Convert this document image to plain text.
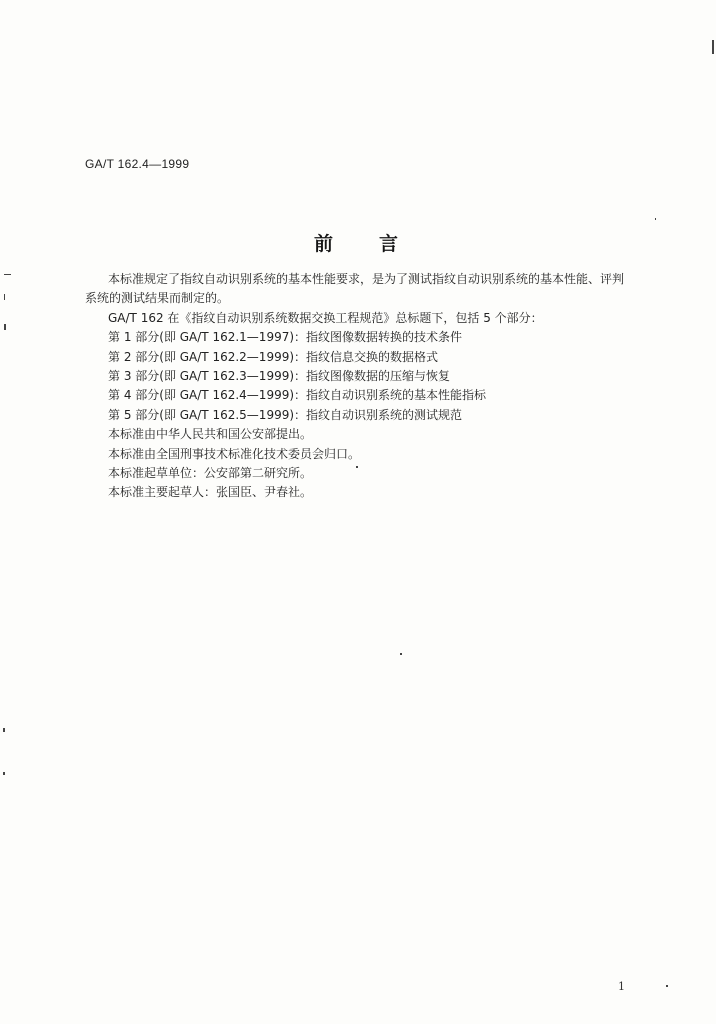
GA/T 162.4—1999
前 言

本标准规定了指纹自动识别系统的基本性能要求，是为了测试指纹自动识别系统的基本性能、评判

系统的测试结果而制定的。

GA/T 162 在《指纹自动识别系统数据交换工程规范》总标题下，包括 5 个部分：

第 1 部分(即 GA/T 162.1—1997)：指纹图像数据转换的技术条件

第 2 部分(即 GA/T 162.2—1999)：指纹信息交换的数据格式

第 3 部分(即 GA/T 162.3—1999)：指纹图像数据的压缩与恢复

第 4 部分(即 GA/T 162.4—1999)：指纹自动识别系统的基本性能指标

第 5 部分(即 GA/T 162.5—1999)：指纹自动识别系统的测试规范

本标准由中华人民共和国公安部提出。

本标准由全国刑事技术标准化技术委员会归口。

本标准起草单位：公安部第二研究所。

本标准主要起草人：张国臣、尹春社。

1
